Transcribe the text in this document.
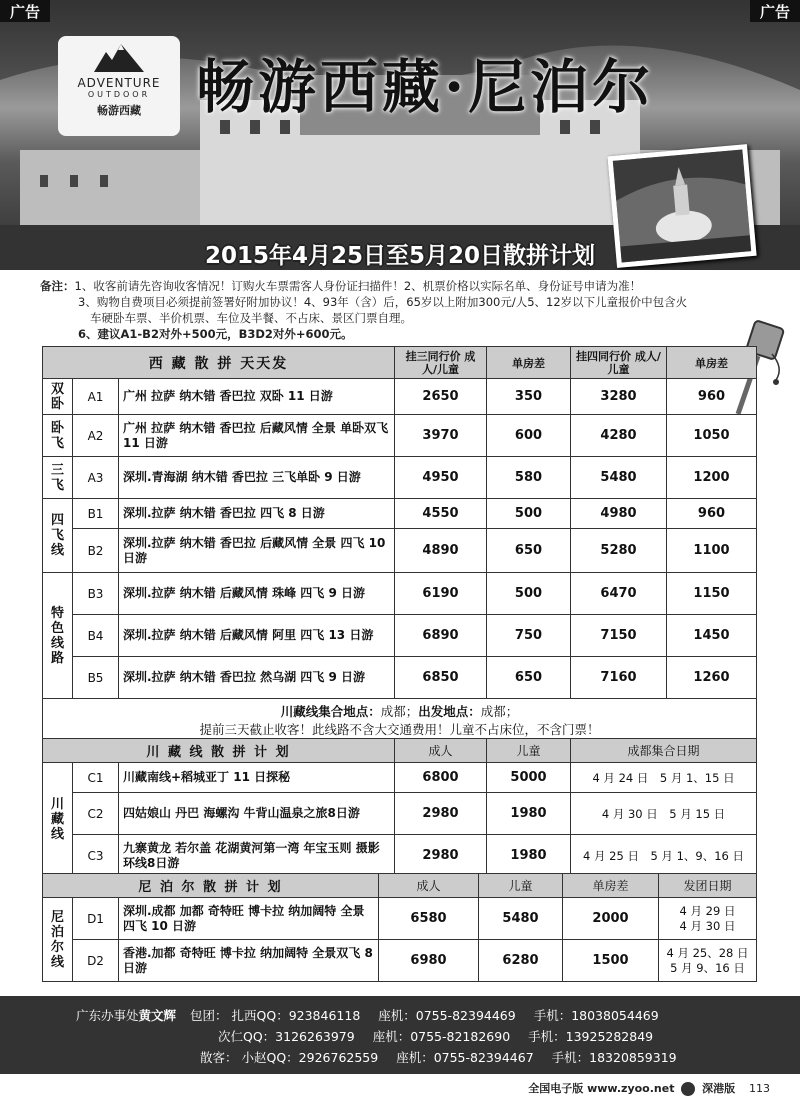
广告	广告
ADVENTURE
OUTDOOR
畅游西藏 畅游西藏·尼泊尔
2015年4月25日至5月20日散拼计划
备注：1、收客前请先咨询收客情况！订购火车票需客人身份证扫描件！2、机票价格以实际名单、身份证号申请为准！
3、购物自费项目必须提前签署好附加协议！4、93年（含）后，65岁以上附加300元/人5、12岁以下儿童报价中包含火
车硬卧车票、半价机票、车位及半餐、不占床、景区门票自理。
6、建议A1-B2对外+500元，B3D2对外+600元。
西 藏 散 拼 天天发			挂三同行价 成人/儿童	单房差	挂四同行价 成人/儿童	单房差
双卧	A1	广州 拉萨 纳木错 香巴拉 双卧 11 日游	2650	350	3280	960
卧飞	A2	广州 拉萨 纳木错 香巴拉 后藏风情 全景 单卧双飞 11 日游	3970	600	4280	1050
三飞	A3	深圳.青海湖 纳木错 香巴拉 三飞单卧 9 日游	4950	580	5480	1200
四飞线	B1	深圳.拉萨 纳木错 香巴拉 四飞 8 日游	4550	500	4980	960
	B2	深圳.拉萨 纳木错 香巴拉 后藏风情 全景 四飞 10 日游	4890	650	5280	1100
特色线路	B3	深圳.拉萨 纳木错 后藏风情 珠峰 四飞 9 日游	6190	500	6470	1150
	B4	深圳.拉萨 纳木错 后藏风情 阿里 四飞 13 日游	6890	750	7150	1450
	B5	深圳.拉萨 纳木错 香巴拉 然乌湖 四飞 9 日游	6850	650	7160	1260

川藏线集合地点：成都；出发地点：成都；
提前三天截止收客！此线路不含大交通费用！儿童不占床位，不含门票！						
川 藏 线 散 拼 计 划			成人	儿童	成都集合日期
川藏线	C1	川藏南线+稻城亚丁 11 日探秘	6800	5000	4 月 24 日　5 月 1、15 日
	C2	四姑娘山 丹巴 海螺沟 牛背山温泉之旅8日游	2980	1980	4 月 30 日　5 月 15 日
	C3	九寨黄龙 若尔盖 花湖黄河第一湾 年宝玉则 摄影环线8日游	2980	1980	4 月 25 日　5 月 1、9、16 日
尼 泊 尔 散 拼 计 划			成人	儿童	单房差	发团日期
尼泊尔线	D1	深圳.成都 加都 奇特旺 博卡拉 纳加阔特 全景四飞 10 日游	6580	5480	2000	4 月 29 日
4 月 30 日

	D2	香港.加都 奇特旺 博卡拉 纳加阔特 全景双飞 8 日游	6980	6280	1500	4 月 25、28 日
5 月 9、16 日
广东办事处黄文辉 包团： 扎西QQ：923846118 座机：0755-82394469 手机：18038054469
次仁QQ：3126263979 座机：0755-82182690 手机：13925282849
散客： 小赵QQ：2926762559 座机：0755-82394467 手机：18320859319
全国电子版 www.zyoo.net	深港版 113
